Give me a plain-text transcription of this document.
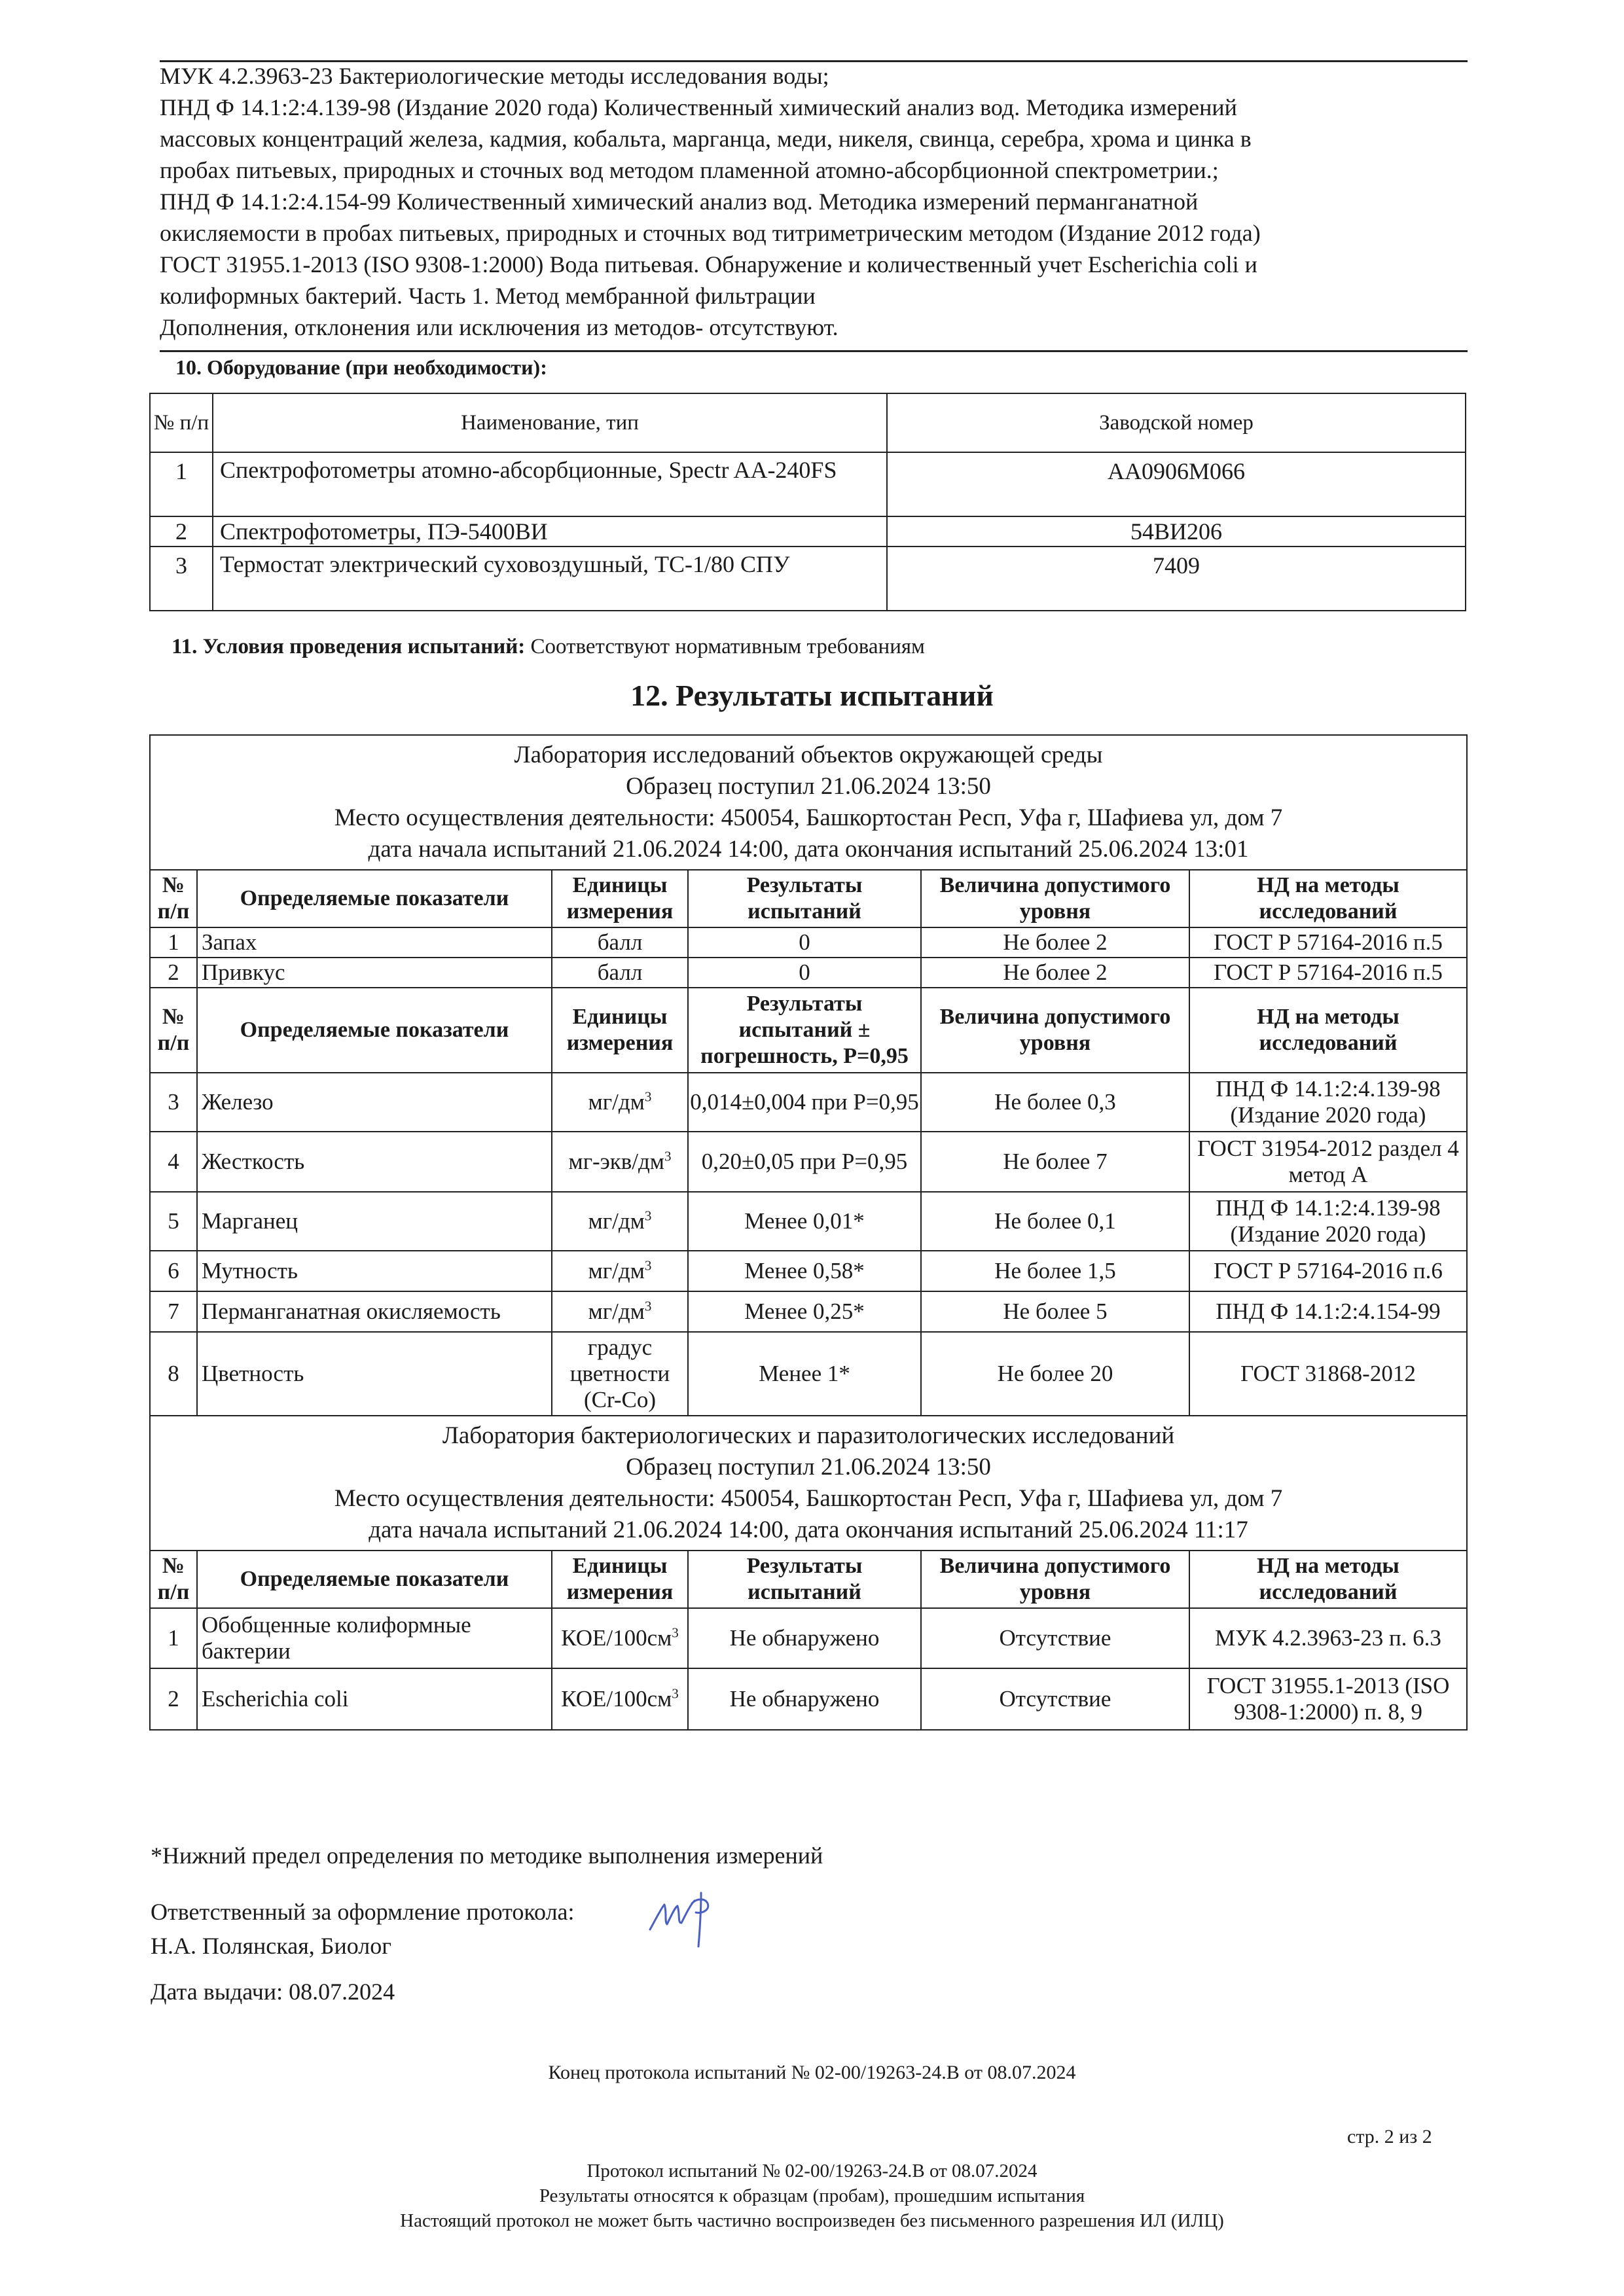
МУК 4.2.3963-23 Бактериологические методы исследования воды;
ПНД Ф 14.1:2:4.139-98 (Издание 2020 года) Количественный химический анализ вод. Методика измерений
массовых концентраций железа, кадмия, кобальта, марганца, меди, никеля, свинца, серебра, хрома и цинка в
пробах питьевых, природных и сточных вод методом пламенной атомно-абсорбционной спектрометрии.;
ПНД Ф 14.1:2:4.154-99 Количественный химический анализ вод. Методика измерений перманганатной
окисляемости в пробах питьевых, природных и сточных вод титриметрическим методом (Издание 2012 года)
ГОСТ 31955.1-2013 (ISO 9308-1:2000) Вода питьевая. Обнаружение и количественный учет Escherichia coli и
колиформных бактерий. Часть 1. Метод мембранной фильтрации
Дополнения, отклонения или исключения из методов- отсутствуют.
10. Оборудование (при необходимости):
№ п/п	Наименование, тип	Заводской номер
1	Спектрофотометры атомно-абсорбционные, Spectr AA-240FS	AA0906M066
2	Спектрофотометры, ПЭ-5400ВИ	54ВИ206
3	Термостат электрический суховоздушный, ТС-1/80 СПУ	7409
11. Условия проведения испытаний: Соответствуют нормативным требованиям
12. Результаты испытаний
Лаборатория исследований объектов окружающей среды
Образец поступил 21.06.2024 13:50
Место осуществления деятельности: 450054, Башкортостан Респ, Уфа г, Шафиева ул, дом 7
дата начала испытаний 21.06.2024 14:00, дата окончания испытаний 25.06.2024 13:01					

№ п/п	Определяемые показатели	Единицы измерения	Результаты испытаний	Величина допустимого уровня	НД на методы исследований
1	Запах	балл	0	Не более 2	ГОСТ Р 57164-2016 п.5
2	Привкус	балл	0	Не более 2	ГОСТ Р 57164-2016 п.5
№ п/п	Определяемые показатели	Единицы измерения	Результаты испытаний ± погрешность, Р=0,95	Величина допустимого уровня	НД на методы исследований
3	Железо	$мг/дм^3$	0,014±0,004 при Р=0,95	Не более 0,3	ПНД Ф 14.1:2:4.139-98 (Издание 2020 года)
4	Жесткость	$мг-экв/дм^3$	0,20±0,05 при Р=0,95	Не более 7	ГОСТ 31954-2012 раздел 4 метод А
5	Марганец	$мг/дм^3$	Менее 0,01*	Не более 0,1	ПНД Ф 14.1:2:4.139-98 (Издание 2020 года)
6	Мутность	$мг/дм^3$	Менее 0,58*	Не более 1,5	ГОСТ Р 57164-2016 п.6
7	Перманганатная окисляемость	$мг/дм^3$	Менее 0,25*	Не более 5	ПНД Ф 14.1:2:4.154-99
8	Цветность	градус цветности (Cr-Co)	Менее 1*	Не более 20	ГОСТ 31868-2012

Лаборатория бактериологических и паразитологических исследований
Образец поступил 21.06.2024 13:50
Место осуществления деятельности: 450054, Башкортостан Респ, Уфа г, Шафиева ул, дом 7
дата начала испытаний 21.06.2024 14:00, дата окончания испытаний 25.06.2024 11:17					

№ п/п	Определяемые показатели	Единицы измерения	Результаты испытаний	Величина допустимого уровня	НД на методы исследований
1	Обобщенные колиформные бактерии	КОЕ/$100см^3$	Не обнаружено	Отсутствие	МУК 4.2.3963-23 п. 6.3
2	Escherichia coli	КОЕ/$100см^3$	Не обнаружено	Отсутствие	ГОСТ 31955.1-2013 (ISO 9308-1:2000) п. 8, 9
*Нижний предел определения по методике выполнения измерений
Ответственный за оформление протокола:
Н.А. Полянская, Биолог
Дата выдачи: 08.07.2024
Конец протокола испытаний № 02-00/19263-24.В от 08.07.2024
стр. 2 из 2
Протокол испытаний № 02-00/19263-24.В от 08.07.2024
Результаты относятся к образцам (пробам), прошедшим испытания
Настоящий протокол не может быть частично воспроизведен без письменного разрешения ИЛ (ИЛЦ)
